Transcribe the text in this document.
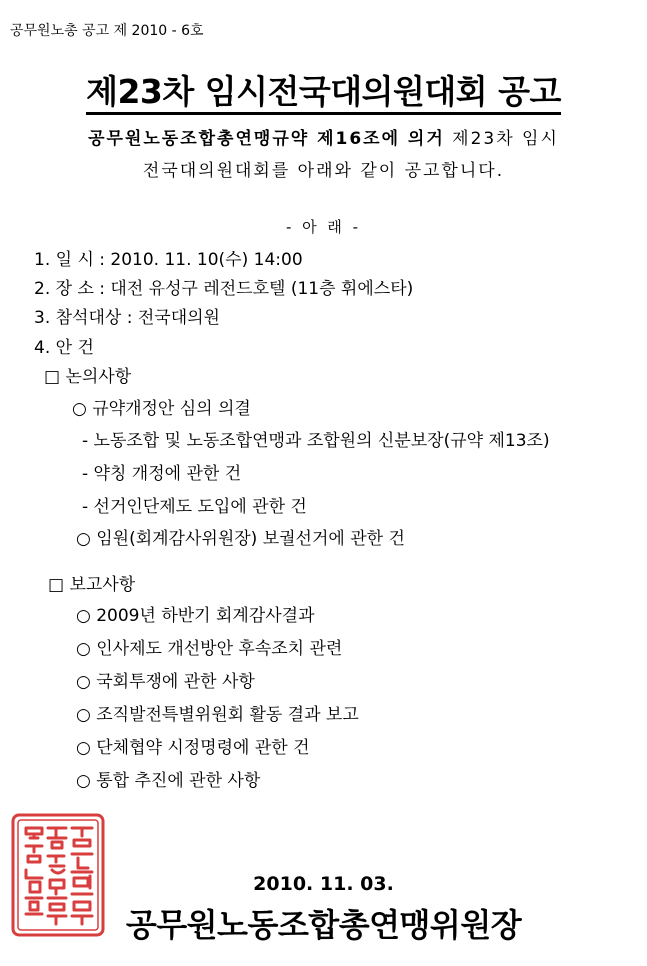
공무원노총 공고 제 2010 - 6호
제23차 임시전국대의원대회 공고
공무원노동조합총연맹규약 제16조에 의거 제23차 임시
전국대의원대회를 아래와 같이 공고합니다.
- 아 래 -
1. 일 시 : 2010. 11. 10(수) 14:00
2. 장 소 : 대전 유성구 레전드호텔 (11층 휘에스타)
3. 참석대상 : 전국대의원
4. 안 건
□ 논의사항
○ 규약개정안 심의 의결
- 노동조합 및 노동조합연맹과 조합원의 신분보장(규약 제13조)
- 약칭 개정에 관한 건
- 선거인단제도 도입에 관한 건
○ 임원(회계감사위원장) 보궐선거에 관한 건
□ 보고사항
○ 2009년 하반기 회계감사결과
○ 인사제도 개선방안 후속조치 관련
○ 국회투쟁에 관한 사항
○ 조직발전특별위원회 활동 결과 보고
○ 단체협약 시정명령에 관한 건
○ 통합 추진에 관한 사항
2010. 11. 03.
공무원노동조합총연맹위원장
